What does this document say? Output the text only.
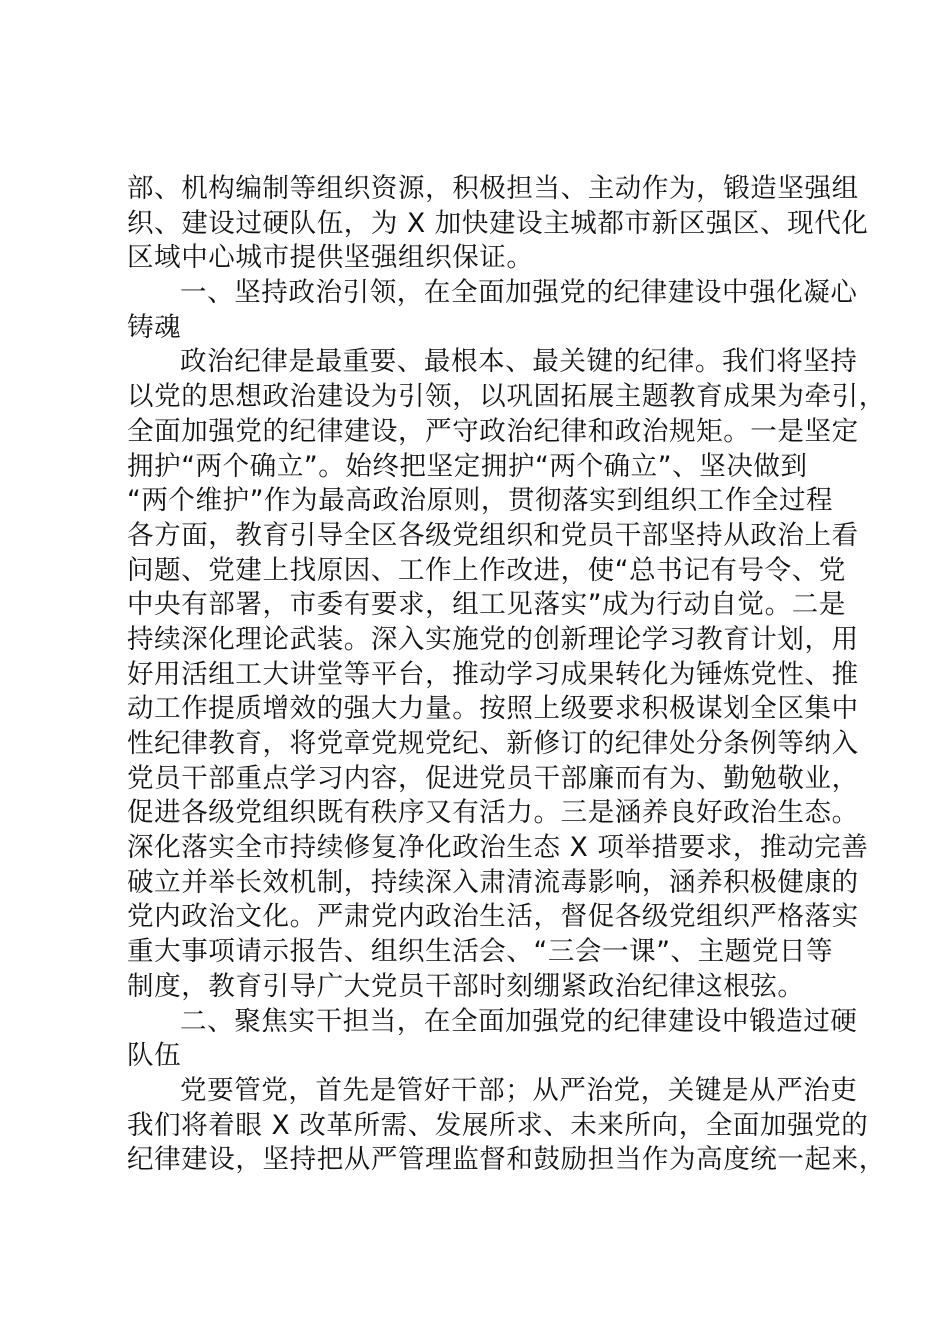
部、机构编制等组织资源，积极担当、主动作为，锻造坚强组
织、建设过硬队伍，为 X 加快建设主城都市新区强区、现代化
区域中心城市提供坚强组织保证。
一、坚持政治引领，在全面加强党的纪律建设中强化凝心
铸魂
政治纪律是最重要、最根本、最关键的纪律。我们将坚持
以党的思想政治建设为引领，以巩固拓展主题教育成果为牵引，
全面加强党的纪律建设，严守政治纪律和政治规矩。一是坚定
拥护“两个确立”。始终把坚定拥护“两个确立”、坚决做到
“两个维护”作为最高政治原则，贯彻落实到组织工作全过程
各方面，教育引导全区各级党组织和党员干部坚持从政治上看
问题、党建上找原因、工作上作改进，使“总书记有号令、党
中央有部署，市委有要求，组工见落实”成为行动自觉。二是
持续深化理论武装。深入实施党的创新理论学习教育计划，用
好用活组工大讲堂等平台，推动学习成果转化为锤炼党性、推
动工作提质增效的强大力量。按照上级要求积极谋划全区集中
性纪律教育，将党章党规党纪、新修订的纪律处分条例等纳入
党员干部重点学习内容，促进党员干部廉而有为、勤勉敬业，
促进各级党组织既有秩序又有活力。三是涵养良好政治生态。
深化落实全市持续修复净化政治生态 X 项举措要求，推动完善
破立并举长效机制，持续深入肃清流毒影响，涵养积极健康的
党内政治文化。严肃党内政治生活，督促各级党组织严格落实
重大事项请示报告、组织生活会、“三会一课”、主题党日等
制度，教育引导广大党员干部时刻绷紧政治纪律这根弦。
二、聚焦实干担当，在全面加强党的纪律建设中锻造过硬
队伍
党要管党，首先是管好干部；从严治党，关键是从严治吏
我们将着眼 X 改革所需、发展所求、未来所向，全面加强党的
纪律建设，坚持把从严管理监督和鼓励担当作为高度统一起来，
